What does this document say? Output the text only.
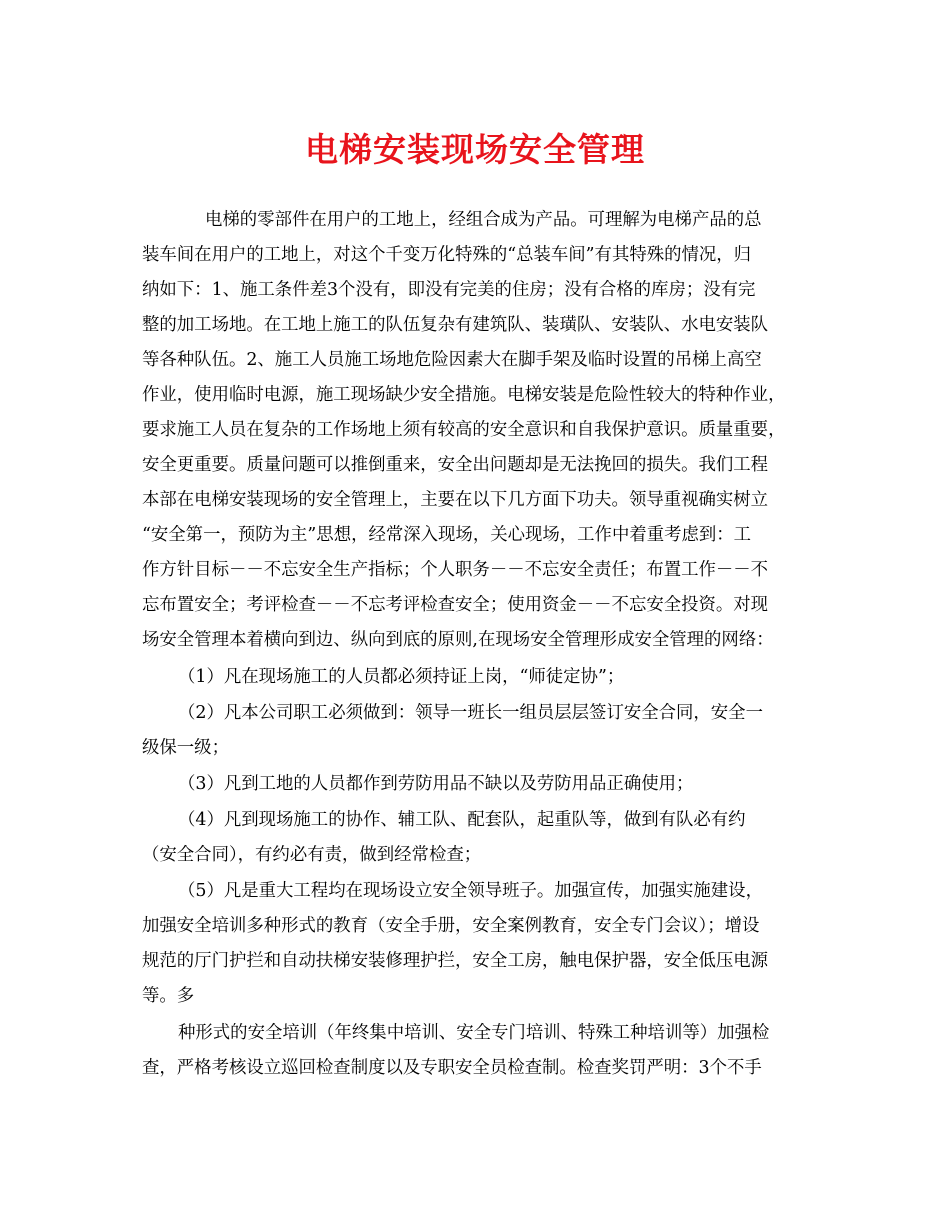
电梯安装现场安全管理
电梯的零部件在用户的工地上，经组合成为产品。可理解为电梯产品的总
装车间在用户的工地上，对这个千变万化特殊的“总装车间”有其特殊的情况，归
纳如下：1、施工条件差3个没有，即没有完美的住房；没有合格的库房；没有完
整的加工场地。在工地上施工的队伍复杂有建筑队、装璜队、安装队、水电安装队
等各种队伍。2、施工人员施工场地危险因素大在脚手架及临时设置的吊梯上高空
作业，使用临时电源，施工现场缺少安全措施。电梯安装是危险性较大的特种作业，
要求施工人员在复杂的工作场地上须有较高的安全意识和自我保护意识。质量重要，
安全更重要。质量问题可以推倒重来，安全出问题却是无法挽回的损失。我们工程
本部在电梯安装现场的安全管理上，主要在以下几方面下功夫。领导重视确实树立
“安全第一，预防为主”思想，经常深入现场，关心现场，工作中着重考虑到：工
作方针目标－－不忘安全生产指标；个人职务－－不忘安全责任；布置工作－－不
忘布置安全；考评检查－－不忘考评检查安全；使用资金－－不忘安全投资。对现
场安全管理本着横向到边、纵向到底的原则,在现场安全管理形成安全管理的网络：
（1）凡在现场施工的人员都必须持证上岗，“师徒定协”；
（2）凡本公司职工必须做到：领导一班长一组员层层签订安全合同，安全一
级保一级；
（3）凡到工地的人员都作到劳防用品不缺以及劳防用品正确使用；
（4）凡到现场施工的协作、辅工队、配套队，起重队等，做到有队必有约
（安全合同），有约必有责，做到经常检查；
（5）凡是重大工程均在现场设立安全领导班子。加强宣传，加强实施建设，
加强安全培训多种形式的教育（安全手册，安全案例教育，安全专门会议）；增设
规范的厅门护拦和自动扶梯安装修理护拦，安全工房，触电保护器，安全低压电源
等。多
种形式的安全培训（年终集中培训、安全专门培训、特殊工种培训等）加强检
查，严格考核设立巡回检查制度以及专职安全员检查制。检查奖罚严明：3个不手
